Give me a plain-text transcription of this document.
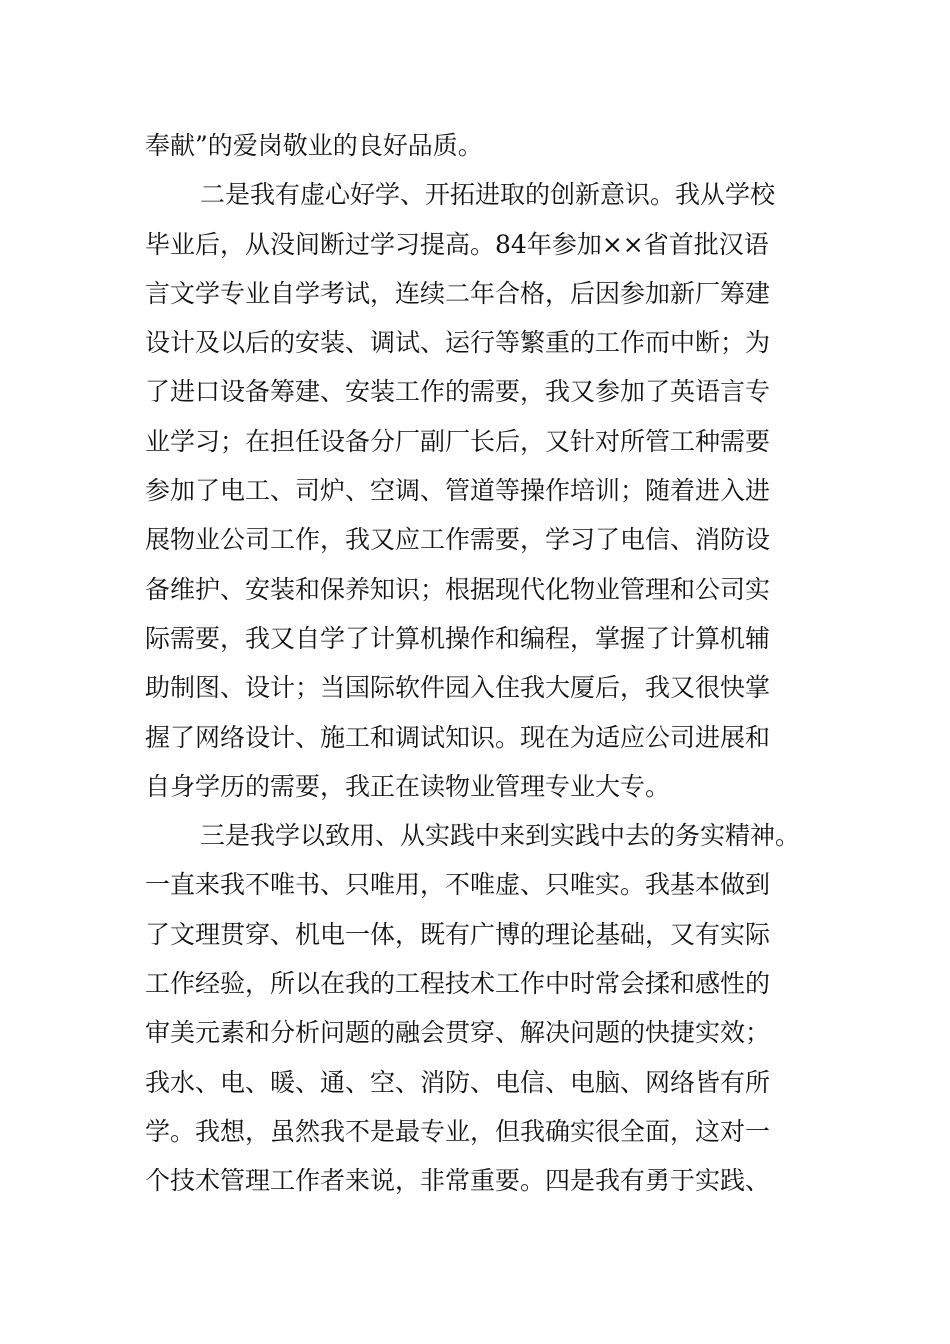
奉献”的爱岗敬业的良好品质。
二是我有虚心好学、开拓进取的创新意识。我从学校
毕业后，从没间断过学习提高。84年参加××省首批汉语
言文学专业自学考试，连续二年合格，后因参加新厂筹建
设计及以后的安装、调试、运行等繁重的工作而中断；为
了进口设备筹建、安装工作的需要，我又参加了英语言专
业学习；在担任设备分厂副厂长后，又针对所管工种需要
参加了电工、司炉、空调、管道等操作培训；随着进入进
展物业公司工作，我又应工作需要，学习了电信、消防设
备维护、安装和保养知识；根据现代化物业管理和公司实
际需要，我又自学了计算机操作和编程，掌握了计算机辅
助制图、设计；当国际软件园入住我大厦后，我又很快掌
握了网络设计、施工和调试知识。现在为适应公司进展和
自身学历的需要，我正在读物业管理专业大专。
三是我学以致用、从实践中来到实践中去的务实精神。
一直来我不唯书、只唯用，不唯虚、只唯实。我基本做到
了文理贯穿、机电一体，既有广博的理论基础，又有实际
工作经验，所以在我的工程技术工作中时常会揉和感性的
审美元素和分析问题的融会贯穿、解决问题的快捷实效；
我水、电、暖、通、空、消防、电信、电脑、网络皆有所
学。我想，虽然我不是最专业，但我确实很全面，这对一
个技术管理工作者来说，非常重要。四是我有勇于实践、
